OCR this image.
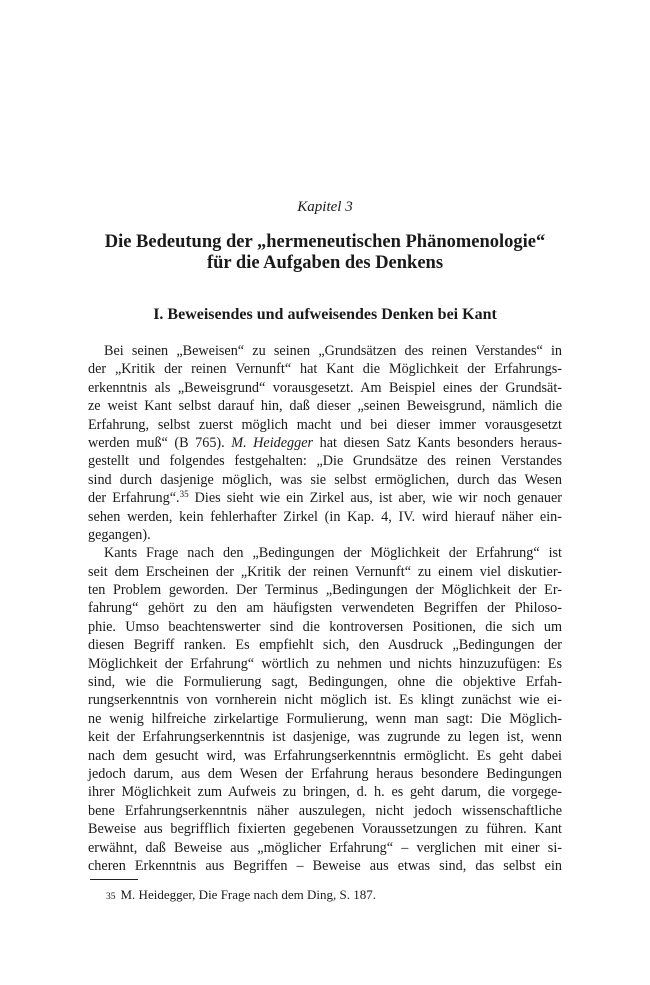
Kapitel 3
Die Bedeutung der „hermeneutischen Phänomenologie“
für die Aufgaben des Denkens
I. Beweisendes und aufweisendes Denken bei Kant
Bei seinen „Beweisen“ zu seinen „Grundsätzen des reinen Verstandes“ in
der „Kritik der reinen Vernunft“ hat Kant die Möglichkeit der Erfahrungs-
erkenntnis als „Beweisgrund“ vorausgesetzt. Am Beispiel eines der Grundsät-
ze weist Kant selbst darauf hin, daß dieser „seinen Beweisgrund, nämlich die
Erfahrung, selbst zuerst möglich macht und bei dieser immer vorausgesetzt
werden muß“ (B 765). M. Heidegger hat diesen Satz Kants besonders heraus-
gestellt und folgendes festgehalten: „Die Grundsätze des reinen Verstandes
sind durch dasjenige möglich, was sie selbst ermöglichen, durch das Wesen
der Erfahrung“.$^{35}$ Dies sieht wie ein Zirkel aus, ist aber, wie wir noch genauer
sehen werden, kein fehlerhafter Zirkel (in Kap. 4, IV. wird hierauf näher ein-
gegangen).
Kants Frage nach den „Bedingungen der Möglichkeit der Erfahrung“ ist
seit dem Erscheinen der „Kritik der reinen Vernunft“ zu einem viel diskutier-
ten Problem geworden. Der Terminus „Bedingungen der Möglichkeit der Er-
fahrung“ gehört zu den am häufigsten verwendeten Begriffen der Philoso-
phie. Umso beachtenswerter sind die kontroversen Positionen, die sich um
diesen Begriff ranken. Es empfiehlt sich, den Ausdruck „Bedingungen der
Möglichkeit der Erfahrung“ wörtlich zu nehmen und nichts hinzuzufügen: Es
sind, wie die Formulierung sagt, Bedingungen, ohne die objektive Erfah-
rungserkenntnis von vornherein nicht möglich ist. Es klingt zunächst wie ei-
ne wenig hilfreiche zirkelartige Formulierung, wenn man sagt: Die Möglich-
keit der Erfahrungserkenntnis ist dasjenige, was zugrunde zu legen ist, wenn
nach dem gesucht wird, was Erfahrungserkenntnis ermöglicht. Es geht dabei
jedoch darum, aus dem Wesen der Erfahrung heraus besondere Bedingungen
ihrer Möglichkeit zum Aufweis zu bringen, d. h. es geht darum, die vorgege-
bene Erfahrungserkenntnis näher auszulegen, nicht jedoch wissenschaftliche
Beweise aus begrifflich fixierten gegebenen Voraussetzungen zu führen. Kant
erwähnt, daß Beweise aus „möglicher Erfahrung“ – verglichen mit einer si-
cheren Erkenntnis aus Begriffen – Beweise aus etwas sind, das selbst ein
35 M. Heidegger, Die Frage nach dem Ding, S. 187.
